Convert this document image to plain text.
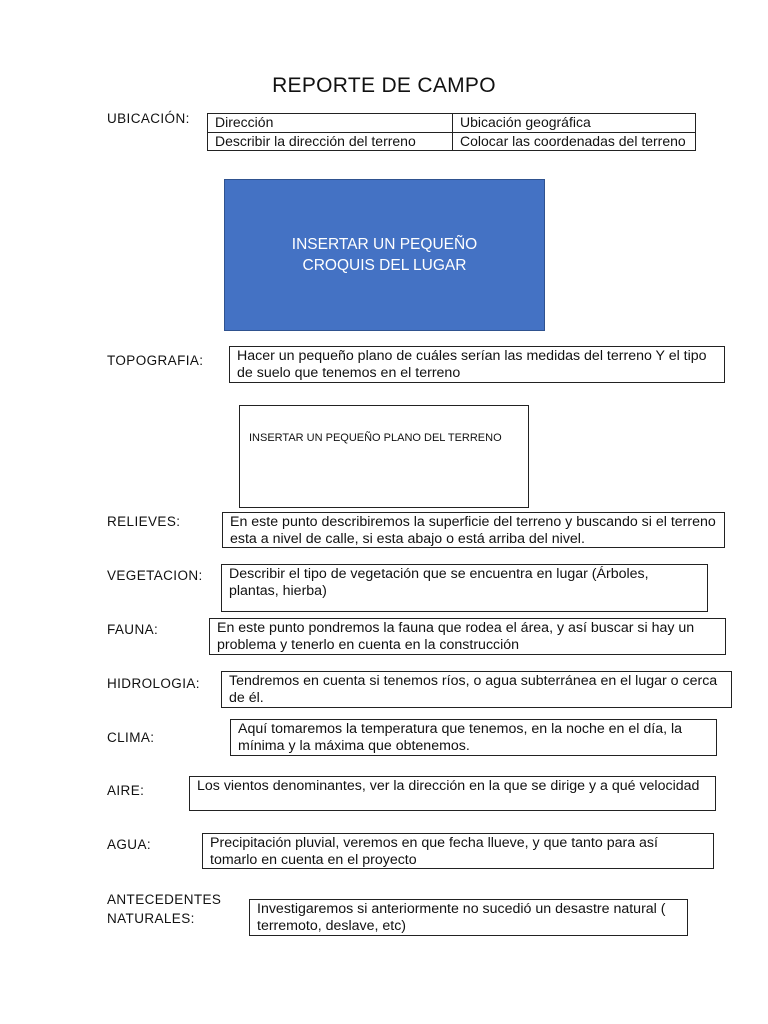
REPORTE DE CAMPO
UBICACIÓN: Dirección	Ubicación geográfica
Describir la dirección del terreno	Colocar las coordenadas del terreno
INSERTAR UN PEQUEÑO CROQUIS DEL LUGAR
TOPOGRAFIA:	Hacer un pequeño plano de cuáles serían las medidas del terreno Y el tipo de suelo que tenemos en el terreno
INSERTAR UN PEQUEÑO PLANO DEL TERRENO
RELIEVES:	En este punto describiremos la superficie del terreno y buscando si el terreno esta a nivel de calle, si esta abajo o está arriba del nivel.
VEGETACION:	Describir el tipo de vegetación que se encuentra en lugar (Árboles, plantas, hierba)
FAUNA:	En este punto pondremos la fauna que rodea el área, y así buscar si hay un problema y tenerlo en cuenta en la construcción
HIDROLOGIA:	Tendremos en cuenta si tenemos ríos, o agua subterránea en el lugar o cerca de él.
CLIMA:
Aquí tomaremos la temperatura que tenemos, en la noche en el día, la mínima y la máxima que obtenemos.
AIRE:	Los vientos denominantes, ver la dirección en la que se dirige y a qué velocidad
AGUA:	Precipitación pluvial, veremos en que fecha llueve, y que tanto para así tomarlo en cuenta en el proyecto
ANTECEDENTES
NATURALES:
Investigaremos si anteriormente no sucedió un desastre natural ( terremoto, deslave, etc)
